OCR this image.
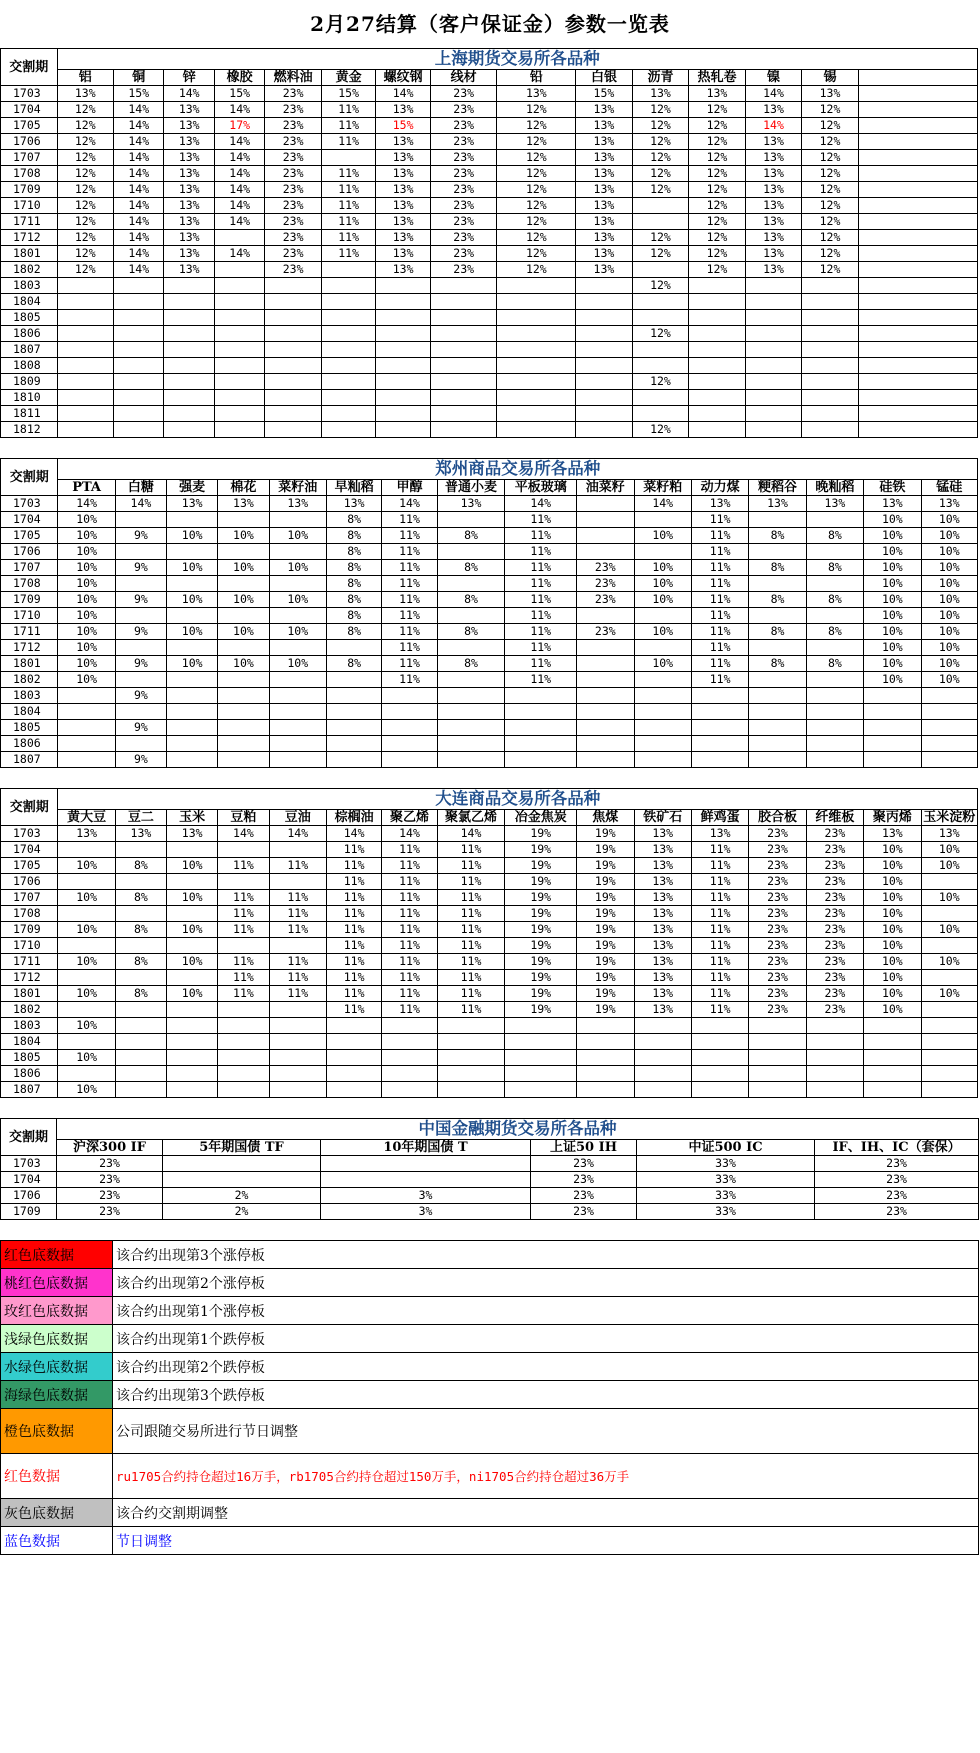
2月27结算（客户保证金）参数一览表
交割期	上海期货交易所各品种														
	铝	铜	锌	橡胶	燃料油	黄金	螺纹钢	线材	铅	白银	沥青	热轧卷	镍	锡	
1703	13%	15%	14%	15%	23%	15%	14%	23%	13%	15%	13%	13%	14%	13%	
1704	12%	14%	13%	14%	23%	11%	13%	23%	12%	13%	12%	12%	13%	12%	
1705	12%	14%	13%	17%	23%	11%	15%	23%	12%	13%	12%	12%	14%	12%	
1706	12%	14%	13%	14%	23%	11%	13%	23%	12%	13%	12%	12%	13%	12%	
1707	12%	14%	13%	14%	23%		13%	23%	12%	13%	12%	12%	13%	12%	
1708	12%	14%	13%	14%	23%	11%	13%	23%	12%	13%	12%	12%	13%	12%	
1709	12%	14%	13%	14%	23%	11%	13%	23%	12%	13%	12%	12%	13%	12%	
1710	12%	14%	13%	14%	23%	11%	13%	23%	12%	13%		12%	13%	12%	
1711	12%	14%	13%	14%	23%	11%	13%	23%	12%	13%		12%	13%	12%	
1712	12%	14%	13%		23%	11%	13%	23%	12%	13%	12%	12%	13%	12%	
1801	12%	14%	13%	14%	23%	11%	13%	23%	12%	13%	12%	12%	13%	12%	
1802	12%	14%	13%		23%		13%	23%	12%	13%		12%	13%	12%	
1803											12%				
1804															
1805															
1806											12%				
1807															
1808															
1809											12%				
1810															
1811															
1812											12%				
交割期	郑州商品交易所各品种															
	PTA	白糖	强麦	棉花	菜籽油	早籼稻	甲醇	普通小麦	平板玻璃	油菜籽	菜籽粕	动力煤	粳稻谷	晚籼稻	硅铁	锰硅
1703	14%	14%	13%	13%	13%	13%	14%	13%	14%		14%	13%	13%	13%	13%	13%
1704	10%					8%	11%		11%			11%			10%	10%
1705	10%	9%	10%	10%	10%	8%	11%	8%	11%		10%	11%	8%	8%	10%	10%
1706	10%					8%	11%		11%			11%			10%	10%
1707	10%	9%	10%	10%	10%	8%	11%	8%	11%	23%	10%	11%	8%	8%	10%	10%
1708	10%					8%	11%		11%	23%	10%	11%			10%	10%
1709	10%	9%	10%	10%	10%	8%	11%	8%	11%	23%	10%	11%	8%	8%	10%	10%
1710	10%					8%	11%		11%			11%			10%	10%
1711	10%	9%	10%	10%	10%	8%	11%	8%	11%	23%	10%	11%	8%	8%	10%	10%
1712	10%						11%		11%			11%			10%	10%
1801	10%	9%	10%	10%	10%	8%	11%	8%	11%		10%	11%	8%	8%	10%	10%
1802	10%						11%		11%			11%			10%	10%
1803		9%														
1804																
1805		9%														
1806																
1807		9%														
交割期	大连商品交易所各品种															
	黄大豆	豆二	玉米	豆粕	豆油	棕榈油	聚乙烯	聚氯乙烯	冶金焦炭	焦煤	铁矿石	鲜鸡蛋	胶合板	纤维板	聚丙烯	玉米淀粉
1703	13%	13%	13%	14%	14%	14%	14%	14%	19%	19%	13%	13%	23%	23%	13%	13%
1704						11%	11%	11%	19%	19%	13%	11%	23%	23%	10%	10%
1705	10%	8%	10%	11%	11%	11%	11%	11%	19%	19%	13%	11%	23%	23%	10%	10%
1706						11%	11%	11%	19%	19%	13%	11%	23%	23%	10%	
1707	10%	8%	10%	11%	11%	11%	11%	11%	19%	19%	13%	11%	23%	23%	10%	10%
1708				11%	11%	11%	11%	11%	19%	19%	13%	11%	23%	23%	10%	
1709	10%	8%	10%	11%	11%	11%	11%	11%	19%	19%	13%	11%	23%	23%	10%	10%
1710						11%	11%	11%	19%	19%	13%	11%	23%	23%	10%	
1711	10%	8%	10%	11%	11%	11%	11%	11%	19%	19%	13%	11%	23%	23%	10%	10%
1712				11%	11%	11%	11%	11%	19%	19%	13%	11%	23%	23%	10%	
1801	10%	8%	10%	11%	11%	11%	11%	11%	19%	19%	13%	11%	23%	23%	10%	10%
1802						11%	11%	11%	19%	19%	13%	11%	23%	23%	10%	
1803	10%															
1804																
1805	10%															
1806																
1807	10%															
交割期	中国金融期货交易所各品种					
	沪深300 IF	5年期国债 TF	10年期国债 T	上证50 IH	中证500 IC	IF、IH、IC（套保）
1703	23%			23%	33%	23%
1704	23%			23%	33%	23%
1706	23%	2%	3%	23%	33%	23%
1709	23%	2%	3%	23%	33%	23%
红色底数据	该合约出现第3个涨停板
桃红色底数据	该合约出现第2个涨停板
玫红色底数据	该合约出现第1个涨停板
浅绿色底数据	该合约出现第1个跌停板
水绿色底数据	该合约出现第2个跌停板
海绿色底数据	该合约出现第3个跌停板
橙色底数据	公司跟随交易所进行节日调整
红色数据	ru1705合约持仓超过16万手，rb1705合约持仓超过150万手，ni1705合约持仓超过36万手
灰色底数据	该合约交割期调整
蓝色数据	节日调整
